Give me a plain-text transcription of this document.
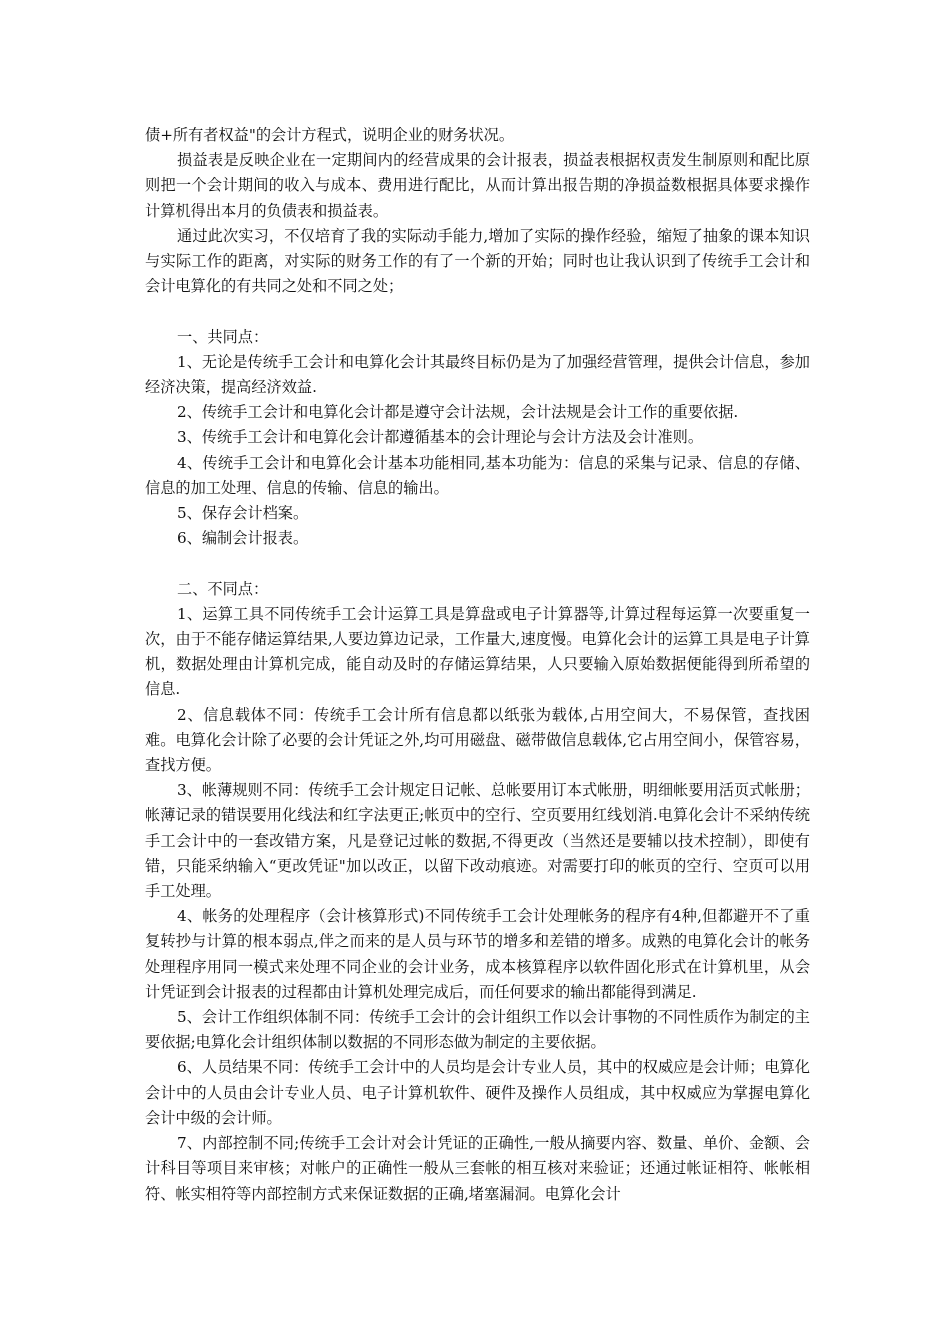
债+所有者权益"的会计方程式，说明企业的财务状况。

损益表是反映企业在一定期间内的经营成果的会计报表，损益表根据权责发生制原则和配比原则把一个会计期间的收入与成本、费用进行配比，从而计算出报告期的净损益数根据具体要求操作计算机得出本月的负债表和损益表。

通过此次实习，不仅培育了我的实际动手能力,增加了实际的操作经验，缩短了抽象的课本知识与实际工作的距离，对实际的财务工作的有了一个新的开始；同时也让我认识到了传统手工会计和会计电算化的有共同之处和不同之处；

一、共同点：

1、无论是传统手工会计和电算化会计其最终目标仍是为了加强经营管理，提供会计信息，参加经济决策，提高经济效益.

2、传统手工会计和电算化会计都是遵守会计法规，会计法规是会计工作的重要依据.

3、传统手工会计和电算化会计都遵循基本的会计理论与会计方法及会计准则。

4、传统手工会计和电算化会计基本功能相同,基本功能为：信息的采集与记录、信息的存储、信息的加工处理、信息的传输、信息的输出。

5、保存会计档案。

6、编制会计报表。

二、不同点：

1、运算工具不同传统手工会计运算工具是算盘或电子计算器等,计算过程每运算一次要重复一次，由于不能存储运算结果,人要边算边记录，工作量大,速度慢。电算化会计的运算工具是电子计算机，数据处理由计算机完成，能自动及时的存储运算结果，人只要输入原始数据便能得到所希望的信息.

2、信息载体不同：传统手工会计所有信息都以纸张为载体,占用空间大，不易保管，查找困难。电算化会计除了必要的会计凭证之外,均可用磁盘、磁带做信息载体,它占用空间小，保管容易，查找方便。

3、帐薄规则不同：传统手工会计规定日记帐、总帐要用订本式帐册，明细帐要用活页式帐册；帐薄记录的错误要用化线法和红字法更正;帐页中的空行、空页要用红线划消.电算化会计不采纳传统手工会计中的一套改错方案，凡是登记过帐的数据,不得更改（当然还是要辅以技术控制），即使有错，只能采纳输入“更改凭证"加以改正，以留下改动痕迹。对需要打印的帐页的空行、空页可以用手工处理。

4、帐务的处理程序（会计核算形式)不同传统手工会计处理帐务的程序有4种,但都避开不了重复转抄与计算的根本弱点,伴之而来的是人员与环节的增多和差错的增多。成熟的电算化会计的帐务处理程序用同一模式来处理不同企业的会计业务，成本核算程序以软件固化形式在计算机里，从会计凭证到会计报表的过程都由计算机处理完成后，而任何要求的输出都能得到满足.

5、会计工作组织体制不同：传统手工会计的会计组织工作以会计事物的不同性质作为制定的主要依据;电算化会计组织体制以数据的不同形态做为制定的主要依据。

6、人员结果不同：传统手工会计中的人员均是会计专业人员，其中的权威应是会计师；电算化会计中的人员由会计专业人员、电子计算机软件、硬件及操作人员组成，其中权威应为掌握电算化会计中级的会计师。

7、内部控制不同;传统手工会计对会计凭证的正确性,一般从摘要内容、数量、单价、金额、会计科目等项目来审核；对帐户的正确性一般从三套帐的相互核对来验证；还通过帐证相符、帐帐相符、帐实相符等内部控制方式来保证数据的正确,堵塞漏洞。电算化会计
